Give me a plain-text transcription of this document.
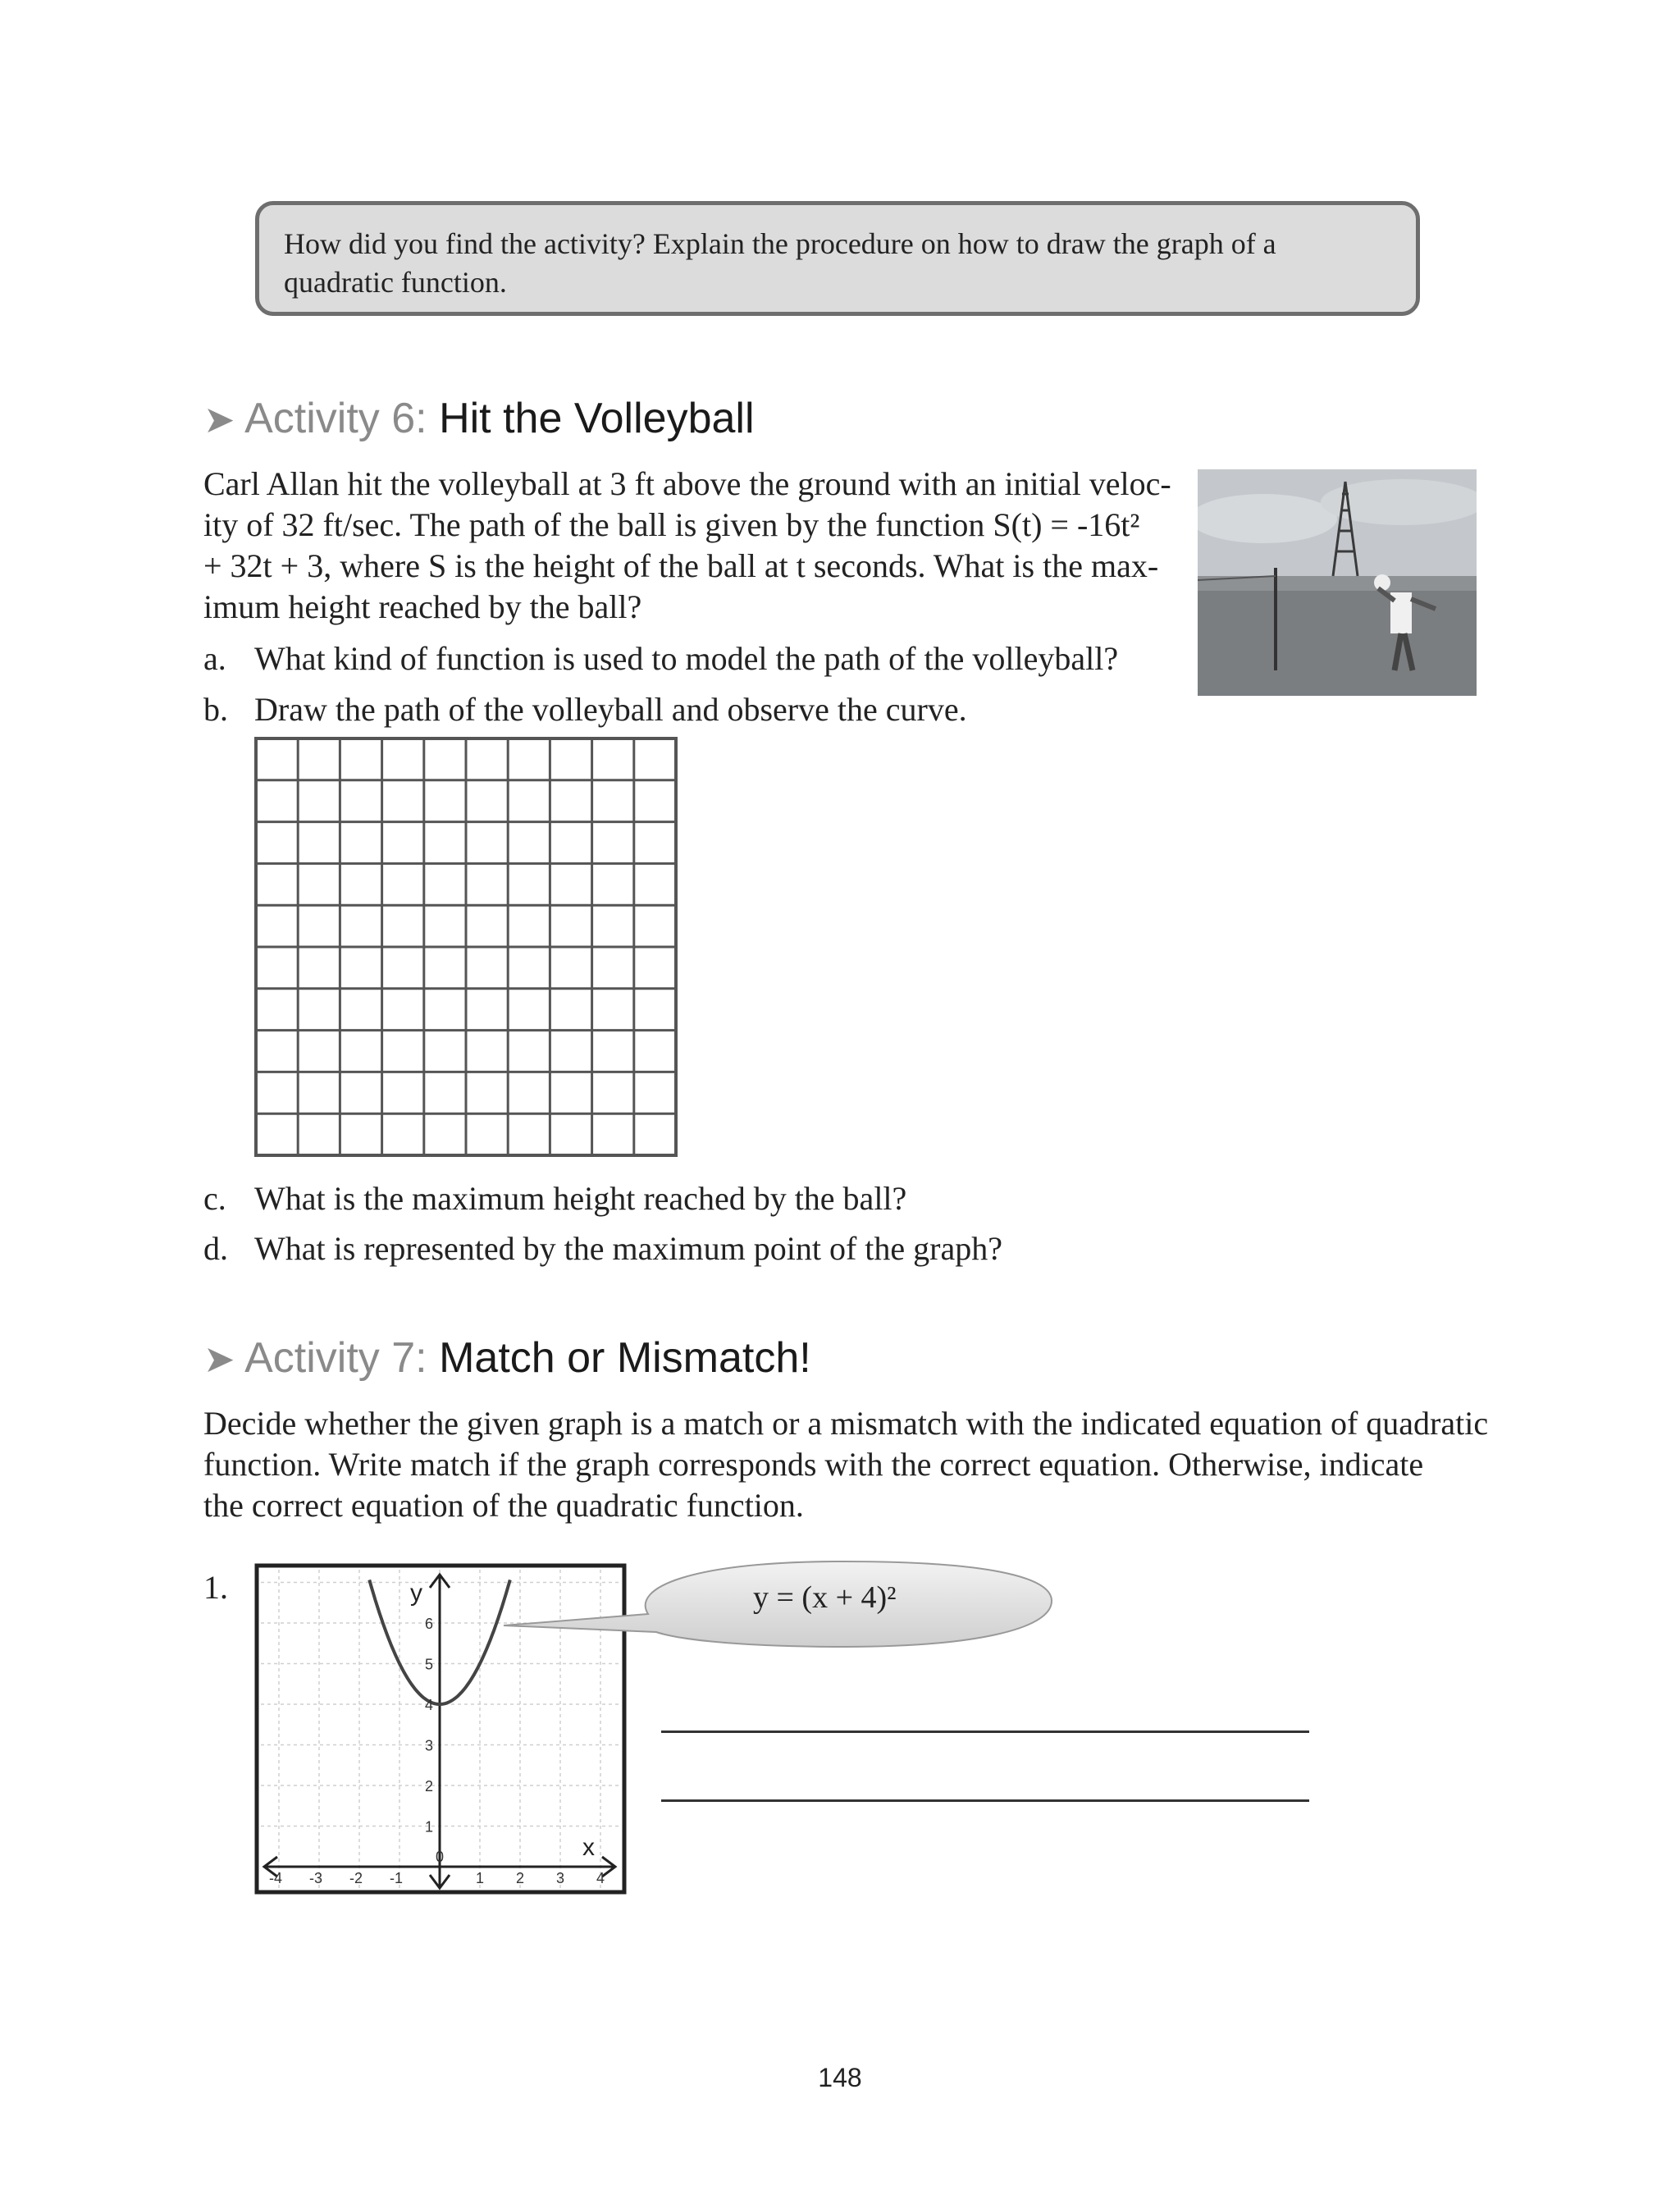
How did you find the activity? Explain the procedure on how to draw the graph of a quadratic function.
➤ Activity 6: Hit the Volleyball
Carl Allan hit the volleyball at 3 ft above the ground with an initial veloc-
ity of 32 ft/sec. The path of the ball is given by the function S(t) = -16t²
+ 32t + 3, where S is the height of the ball at t seconds. What is the max-
imum height reached by the ball?
a. What kind of function is used to model the path of the volleyball?
b. Draw the path of the volleyball and observe the curve.
c. What is the maximum height reached by the ball?
d. What is represented by the maximum point of the graph?
➤ Activity 7: Match or Mismatch!
Decide whether the given graph is a match or a mismatch with the indicated equation of quadratic
function. Write match if the graph corresponds with the correct equation. Otherwise, indicate
the correct equation of the quadratic function.
1.	y
x
-4 -3 -2 -1
0
1 2 3 4
1
2
3
4
5
6
y = (x + 4)²
148
